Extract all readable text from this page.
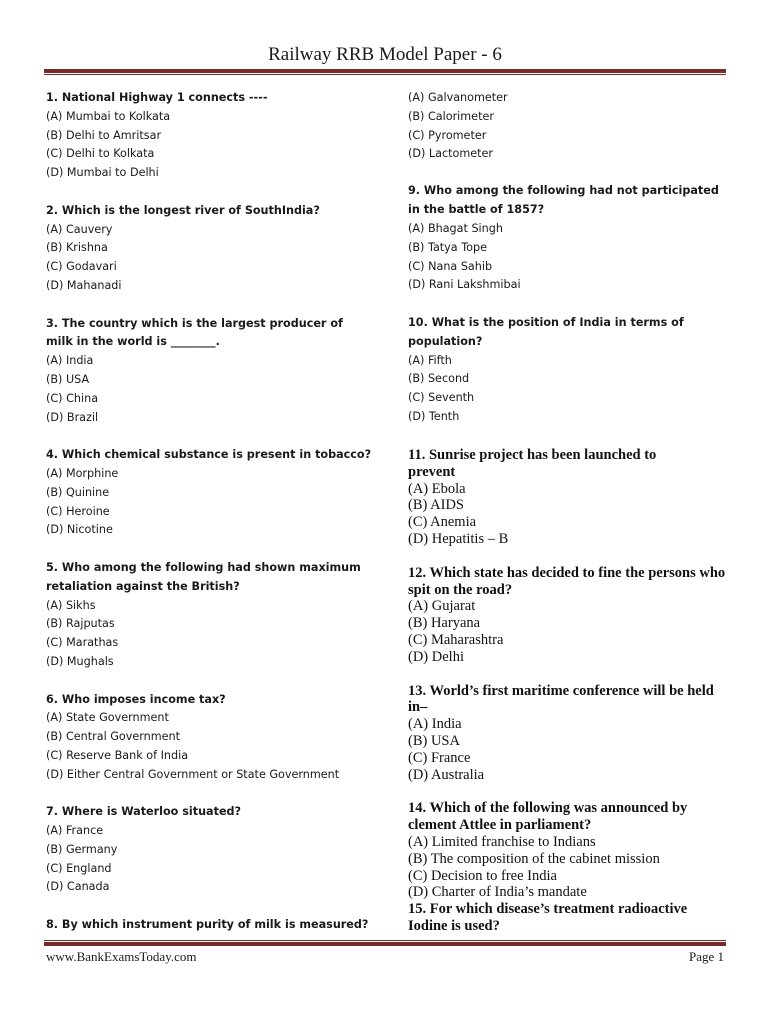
Railway RRB Model Paper - 6
1. National Highway 1 connects ----
(A) Mumbai to Kolkata
(B) Delhi to Amritsar
(C) Delhi to Kolkata
(D) Mumbai to Delhi
2. Which is the longest river of SouthIndia?
(A) Cauvery
(B) Krishna
(C) Godavari
(D) Mahanadi
3. The country which is the largest producer of milk in the world is ________.
(A) India
(B) USA
(C) China
(D) Brazil
4. Which chemical substance is present in tobacco?
(A) Morphine
(B) Quinine
(C) Heroine
(D) Nicotine
5. Who among the following had shown maximum retaliation against the British?
(A) Sikhs
(B) Rajputas
(C) Marathas
(D) Mughals
6. Who imposes income tax?
(A) State Government
(B) Central Government
(C) Reserve Bank of India
(D) Either Central Government or State Government
7. Where is Waterloo situated?
(A) France
(B) Germany
(C) England
(D) Canada
8. By which instrument purity of milk is measured?
(A) Galvanometer
(B) Calorimeter
(C) Pyrometer
(D) Lactometer
9. Who among the following had not participated in the battle of 1857?
(A) Bhagat Singh
(B) Tatya Tope
(C) Nana Sahib
(D) Rani Lakshmibai
10. What is the position of India in terms of population?
(A) Fifth
(B) Second
(C) Seventh
(D) Tenth
11. Sunrise project has been launched to prevent
(A) Ebola
(B) AIDS
(C) Anemia
(D) Hepatitis – B
12. Which state has decided to fine the persons who spit on the road?
(A) Gujarat
(B) Haryana
(C) Maharashtra
(D) Delhi
13. World’s first maritime conference will be held in–
(A) India
(B) USA
(C) France
(D) Australia
14. Which of the following was announced by clement Attlee in parliament?
(A) Limited franchise to Indians
(B) The composition of the cabinet mission
(C) Decision to free India
(D) Charter of India’s mandate
15. For which disease’s treatment radioactive Iodine is used?
www.BankExamsToday.com	Page 1
